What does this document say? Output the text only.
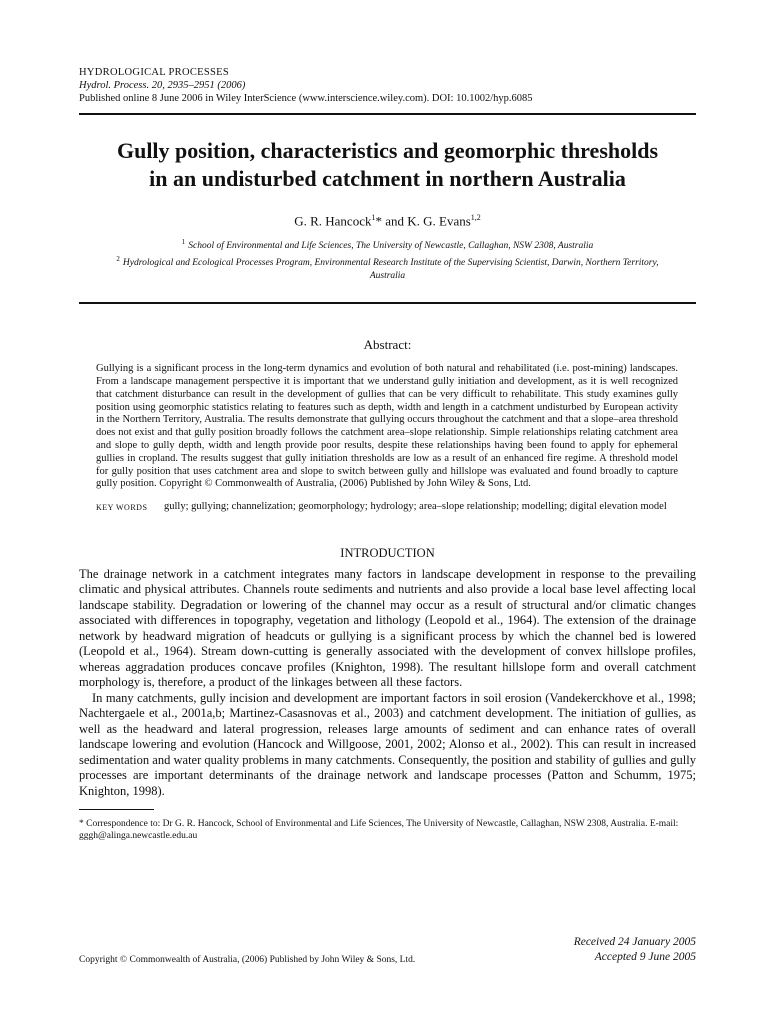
HYDROLOGICAL PROCESSES
Hydrol. Process. 20, 2935–2951 (2006)
Published online 8 June 2006 in Wiley InterScience (www.interscience.wiley.com). DOI: 10.1002/hyp.6085
Gully position, characteristics and geomorphic thresholds
in an undisturbed catchment in northern Australia
G. R. Hancock$^1$* and K. G. Evans$^{1,2}$
$^1$ School of Environmental and Life Sciences, The University of Newcastle, Callaghan, NSW 2308, Australia
$^2$ Hydrological and Ecological Processes Program, Environmental Research Institute of the Supervising Scientist, Darwin, Northern Territory, Australia
Abstract:
Gullying is a significant process in the long-term dynamics and evolution of both natural and rehabilitated (i.e. post-mining) landscapes. From a landscape management perspective it is important that we understand gully initiation and development, as it is well recognized that catchment disturbance can result in the development of gullies that can be very difficult to rehabilitate. This study examines gully position using geomorphic statistics relating to features such as depth, width and length in a catchment undisturbed by European activity in the Northern Territory, Australia. The results demonstrate that gullying occurs throughout the catchment and that a slope–area threshold does not exist and that gully position broadly follows the catchment area–slope relationship. Simple relationships relating catchment area and slope to gully depth, width and length provide poor results, despite these relationships having been found to apply for ephemeral gullies in cropland. The results suggest that gully initiation thresholds are low as a result of an enhanced fire regime. A threshold model for gully position that uses catchment area and slope to switch between gully and hillslope was evaluated and found broadly to capture gully position. Copyright © Commonwealth of Australia, (2006) Published by John Wiley & Sons, Ltd.
KEY WORDS	gully; gullying; channelization; geomorphology; hydrology; area–slope relationship; modelling; digital elevation model
INTRODUCTION

The drainage network in a catchment integrates many factors in landscape development in response to the prevailing climatic and physical attributes. Channels route sediments and nutrients and also provide a local base level affecting local landscape stability. Degradation or lowering of the channel may occur as a result of structural and/or climatic changes associated with differences in topography, vegetation and lithology (Leopold et al., 1964). The extension of the drainage network by headward migration of headcuts or gullying is a significant process by which the channel bed is lowered (Leopold et al., 1964). Stream down-cutting is generally associated with the development of convex hillslope profiles, whereas aggradation produces concave profiles (Knighton, 1998). The resultant hillslope form and overall catchment morphology is, therefore, a product of the linkages between all these factors.

In many catchments, gully incision and development are important factors in soil erosion (Vandekerckhove et al., 1998; Nachtergaele et al., 2001a,b; Martinez-Casasnovas et al., 2003) and catchment development. The initiation of gullies, as well as the headward and lateral progression, releases large amounts of sediment and can enhance rates of overall landscape lowering and evolution (Hancock and Willgoose, 2001, 2002; Alonso et al., 2002). This can result in increased sedimentation and water quality problems in many catchments. Consequently, the position and stability of gullies and gully processes are important determinants of the drainage network and landscape processes (Patton and Schumm, 1975; Knighton, 1998).

* Correspondence to: Dr G. R. Hancock, School of Environmental and Life Sciences, The University of Newcastle, Callaghan, NSW 2308, Australia. E-mail: gggh@alinga.newcastle.edu.au
Received 24 January 2005
Accepted 9 June 2005
Copyright © Commonwealth of Australia, (2006) Published by John Wiley & Sons, Ltd.
